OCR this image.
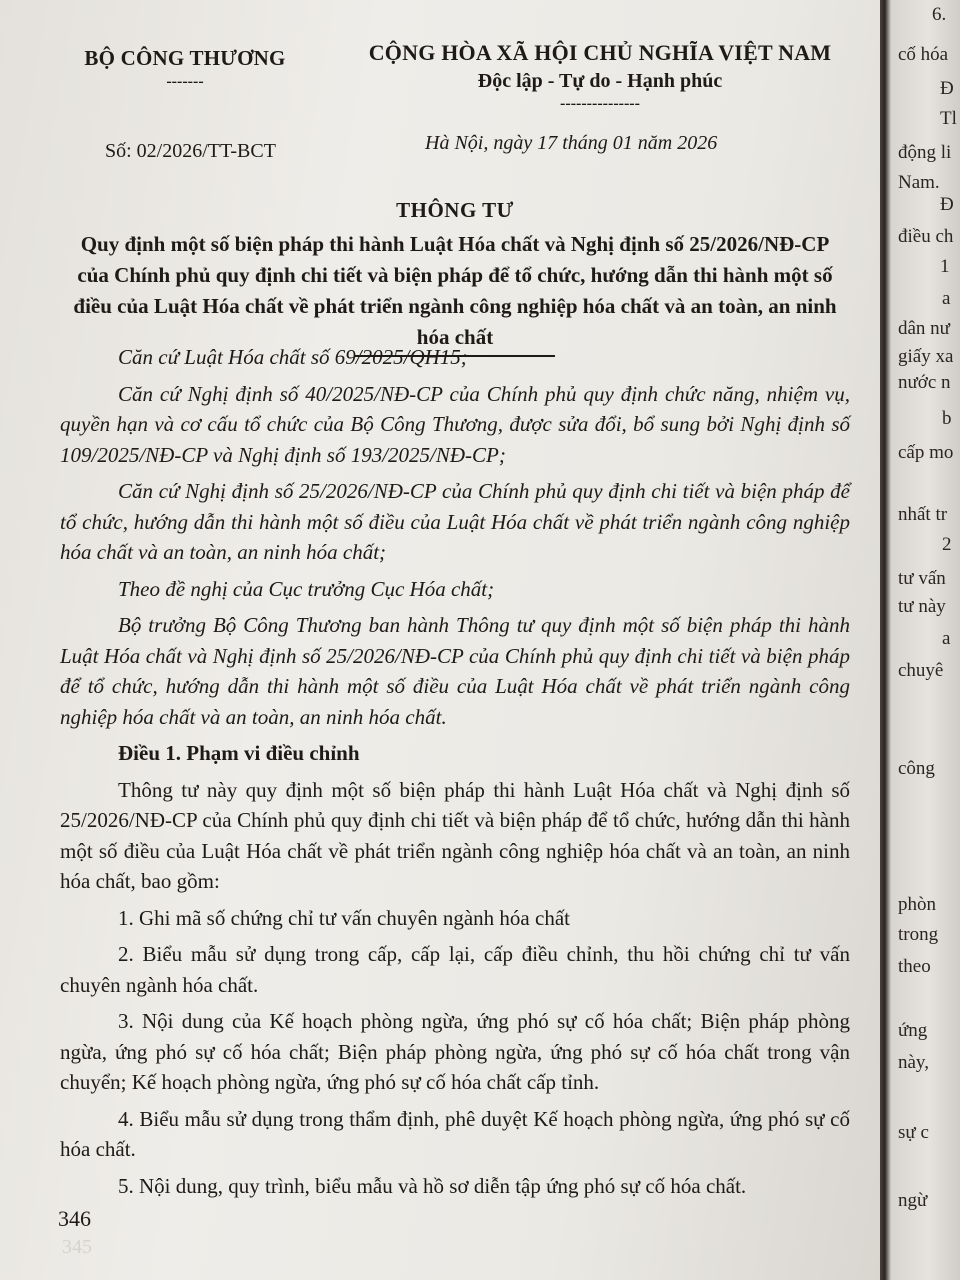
BỘ CÔNG THƯƠNG
-------
CỘNG HÒA XÃ HỘI CHỦ NGHĨA VIỆT NAM
Độc lập - Tự do - Hạnh phúc
---------------
Số: 02/2026/TT-BCT	Hà Nội, ngày 17 tháng 01 năm 2026
THÔNG TƯ
Quy định một số biện pháp thi hành Luật Hóa chất và Nghị định số 25/2026/NĐ-CP của Chính phủ quy định chi tiết và biện pháp để tổ chức, hướng dẫn thi hành một số điều của Luật Hóa chất về phát triển ngành công nghiệp hóa chất và an toàn, an ninh hóa chất

Căn cứ Luật Hóa chất số 69/2025/QH15;

Căn cứ Nghị định số 40/2025/NĐ-CP của Chính phủ quy định chức năng, nhiệm vụ, quyền hạn và cơ cấu tổ chức của Bộ Công Thương, được sửa đổi, bổ sung bởi Nghị định số 109/2025/NĐ-CP và Nghị định số 193/2025/NĐ-CP;

Căn cứ Nghị định số 25/2026/NĐ-CP của Chính phủ quy định chi tiết và biện pháp để tổ chức, hướng dẫn thi hành một số điều của Luật Hóa chất về phát triển ngành công nghiệp hóa chất và an toàn, an ninh hóa chất;

Theo đề nghị của Cục trưởng Cục Hóa chất;

Bộ trưởng Bộ Công Thương ban hành Thông tư quy định một số biện pháp thi hành Luật Hóa chất và Nghị định số 25/2026/NĐ-CP của Chính phủ quy định chi tiết và biện pháp để tổ chức, hướng dẫn thi hành một số điều của Luật Hóa chất về phát triển ngành công nghiệp hóa chất và an toàn, an ninh hóa chất.

Điều 1. Phạm vi điều chỉnh

Thông tư này quy định một số biện pháp thi hành Luật Hóa chất và Nghị định số 25/2026/NĐ-CP của Chính phủ quy định chi tiết và biện pháp để tổ chức, hướng dẫn thi hành một số điều của Luật Hóa chất về phát triển ngành công nghiệp hóa chất và an toàn, an ninh hóa chất, bao gồm:

1. Ghi mã số chứng chỉ tư vấn chuyên ngành hóa chất

2. Biểu mẫu sử dụng trong cấp, cấp lại, cấp điều chỉnh, thu hồi chứng chỉ tư vấn chuyên ngành hóa chất.

3. Nội dung của Kế hoạch phòng ngừa, ứng phó sự cố hóa chất; Biện pháp phòng ngừa, ứng phó sự cố hóa chất; Biện pháp phòng ngừa, ứng phó sự cố hóa chất trong vận chuyển; Kế hoạch phòng ngừa, ứng phó sự cố hóa chất cấp tỉnh.

4. Biểu mẫu sử dụng trong thẩm định, phê duyệt Kế hoạch phòng ngừa, ứng phó sự cố hóa chất.

5. Nội dung, quy trình, biểu mẫu và hồ sơ diễn tập ứng phó sự cố hóa chất.

346
345
6.
cố hóa
Đ
Tl
động li
Nam.
Đ
điều ch
1
a
dân nư
giấy xa
nước n
b
cấp mo
nhất tr
2
tư vấn
tư này
a
chuyê
công
phòn
trong
theo
ứng
này,
sự c
ngừ
